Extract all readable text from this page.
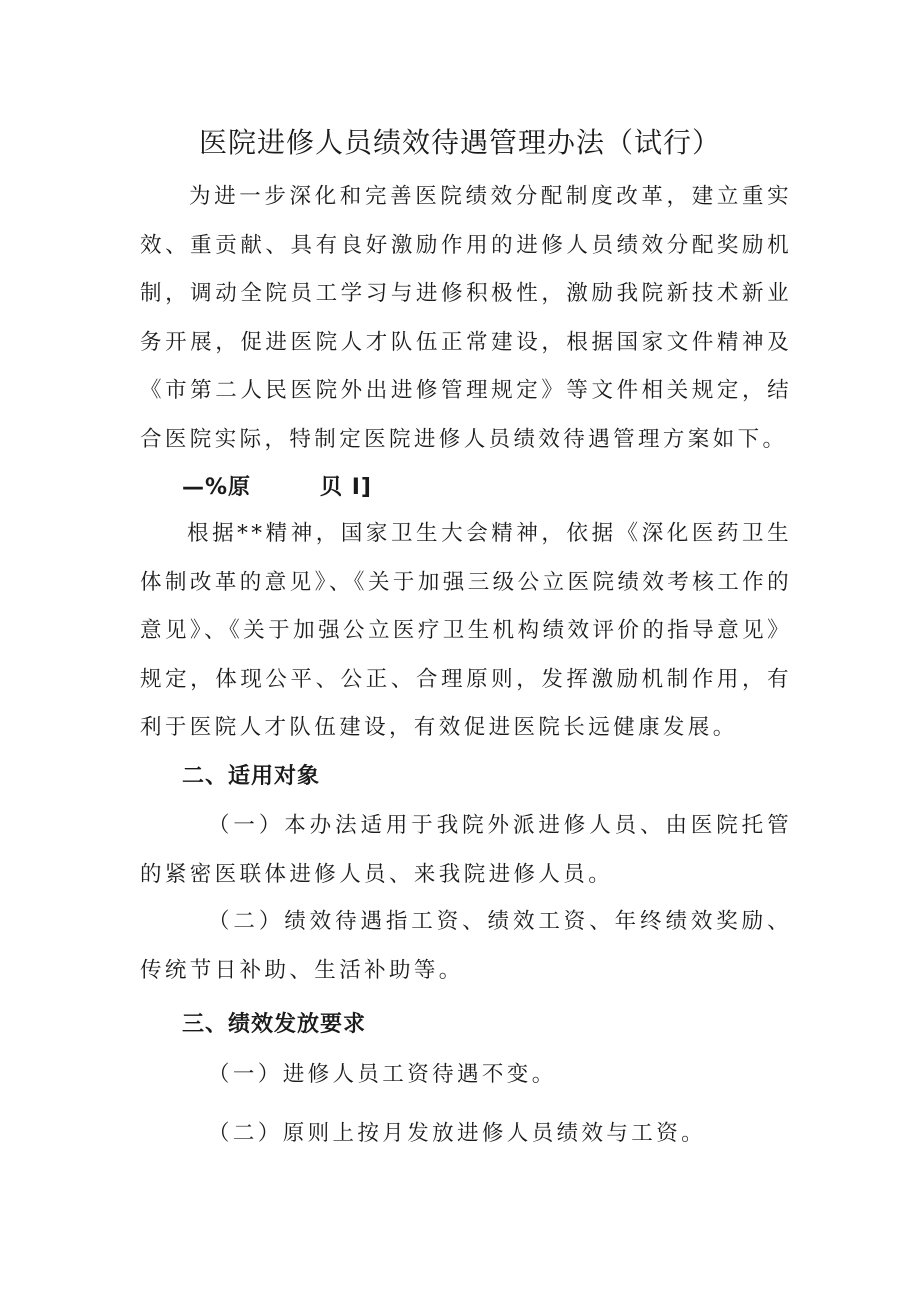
医院进修人员绩效待遇管理办法（试行）

为进一步深化和完善医院绩效分配制度改革，建立重实效、重贡献、具有良好激励作用的进修人员绩效分配奖励机制，调动全院员工学习与进修积极性，激励我院新技术新业务开展，促进医院人才队伍正常建设，根据国家文件精神及《市第二人民医院外出进修管理规定》等文件相关规定，结合医院实际，特制定医院进修人员绩效待遇管理方案如下。

—%原　　　贝 I]

根据**精神，国家卫生大会精神，依据《深化医药卫生体制改革的意见》、《关于加强三级公立医院绩效考核工作的意见》、《关于加强公立医疗卫生机构绩效评价的指导意见》规定，体现公平、公正、合理原则，发挥激励机制作用，有利于医院人才队伍建设，有效促进医院长远健康发展。

二、适用对象

（一）本办法适用于我院外派进修人员、由医院托管的紧密医联体进修人员、来我院进修人员。

（二）绩效待遇指工资、绩效工资、年终绩效奖励、传统节日补助、生活补助等。

三、绩效发放要求

（一）进修人员工资待遇不变。

（二）原则上按月发放进修人员绩效与工资。
